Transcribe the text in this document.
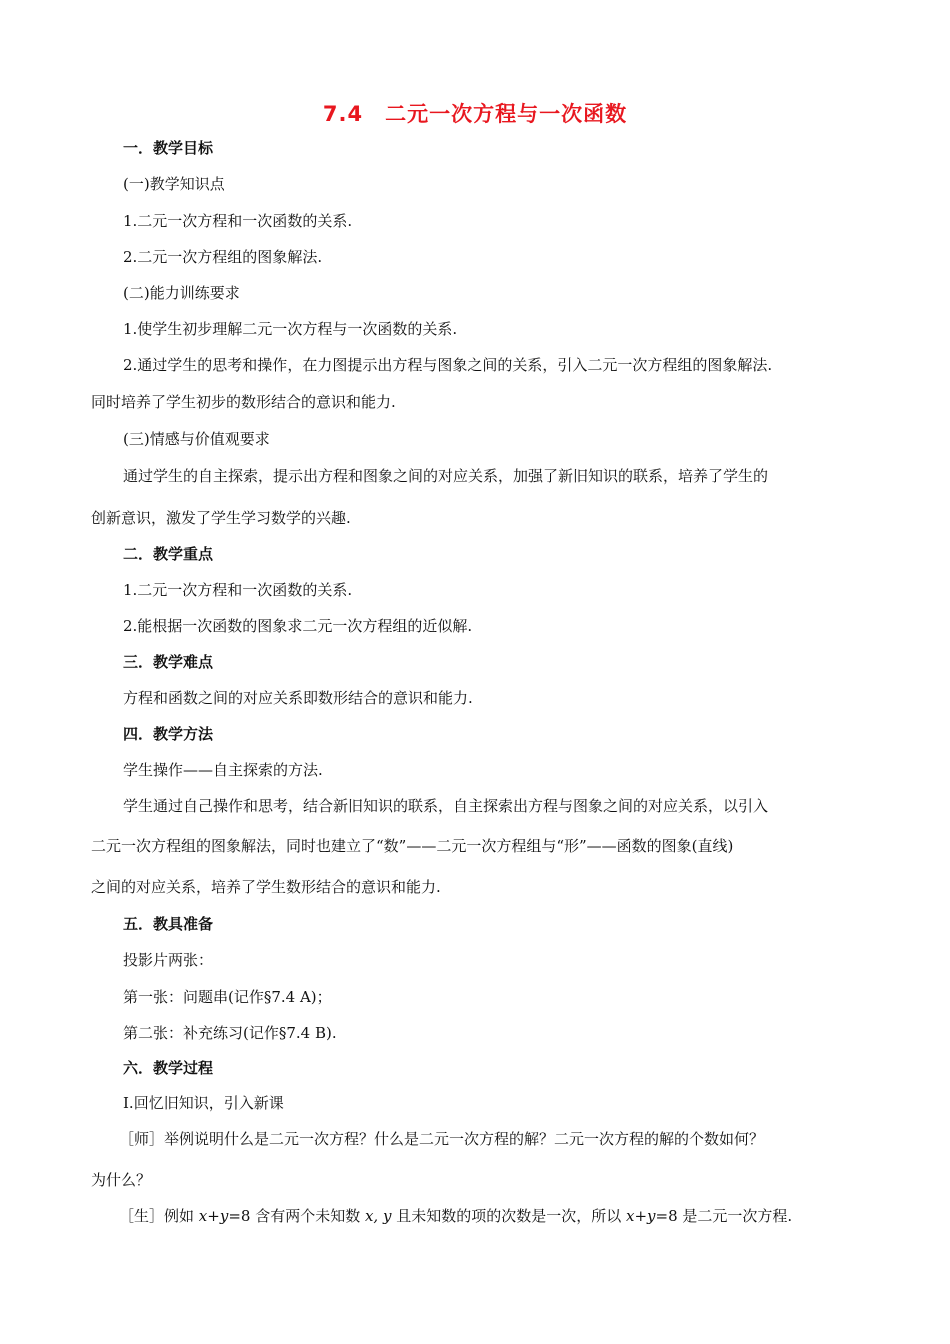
7.4　二元一次方程与一次函数
一．教学目标
(一)教学知识点
1.二元一次方程和一次函数的关系.
2.二元一次方程组的图象解法.
(二)能力训练要求
1.使学生初步理解二元一次方程与一次函数的关系.
2.通过学生的思考和操作，在力图提示出方程与图象之间的关系，引入二元一次方程组的图象解法.
同时培养了学生初步的数形结合的意识和能力.
(三)情感与价值观要求
通过学生的自主探索，提示出方程和图象之间的对应关系，加强了新旧知识的联系，培养了学生的
创新意识，激发了学生学习数学的兴趣.
二．教学重点
1.二元一次方程和一次函数的关系.
2.能根据一次函数的图象求二元一次方程组的近似解.
三．教学难点
方程和函数之间的对应关系即数形结合的意识和能力.
四．教学方法
学生操作——自主探索的方法.
学生通过自己操作和思考，结合新旧知识的联系，自主探索出方程与图象之间的对应关系，以引入
二元一次方程组的图象解法，同时也建立了“数”——二元一次方程组与“形”——函数的图象(直线)
之间的对应关系，培养了学生数形结合的意识和能力.
五．教具准备
投影片两张：
第一张：问题串(记作§7.4 A)；
第二张：补充练习(记作§7.4 B).
六．教学过程
Ⅰ.回忆旧知识，引入新课
［师］举例说明什么是二元一次方程？什么是二元一次方程的解？二元一次方程的解的个数如何？
为什么？
［生］例如 x+y=8 含有两个未知数 x, y 且未知数的项的次数是一次，所以 x+y=8 是二元一次方程.
